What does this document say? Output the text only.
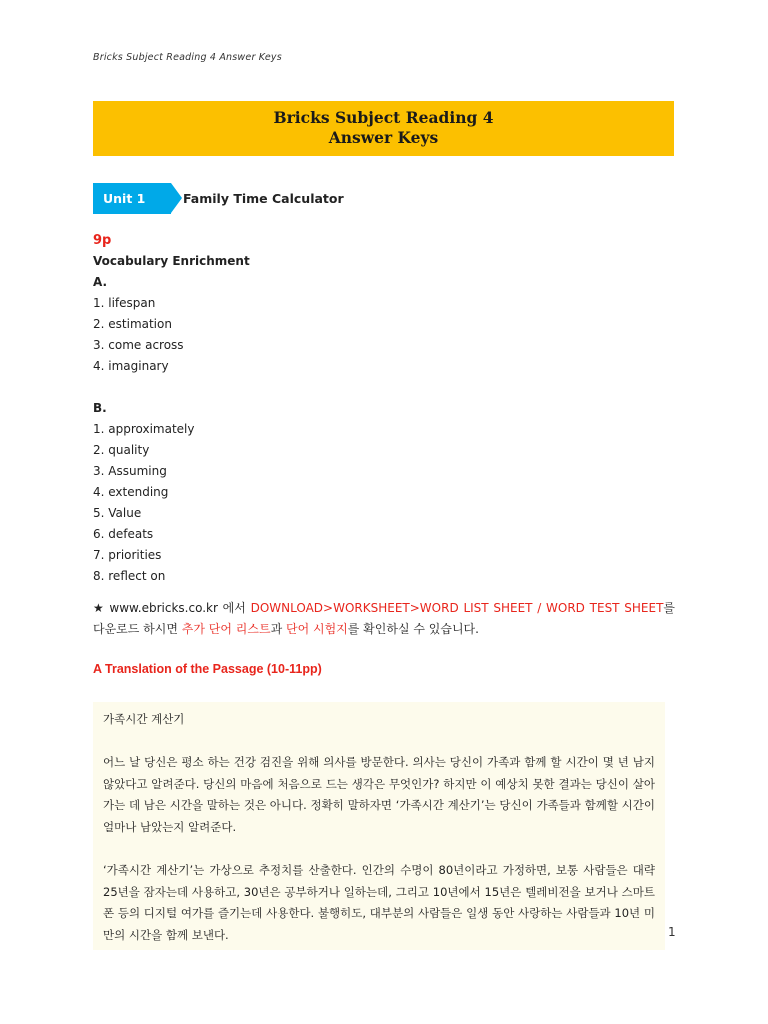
Bricks Subject Reading 4 Answer Keys
Bricks Subject Reading 4
Answer Keys
Unit 1	Family Time Calculator
9p
Vocabulary Enrichment
A.
1. lifespan
2. estimation
3. come across
4. imaginary
B.
1. approximately
2. quality
3. Assuming
4. extending
5. Value
6. defeats
7. priorities
8. reflect on
★ www.ebricks.co.kr 에서 DOWNLOAD>WORKSHEET>WORD LIST SHEET / WORD TEST SHEET를 다운로드 하시면 추가 단어 리스트과 단어 시험지를 확인하실 수 있습니다.
A Translation of the Passage (10-11pp)

가족시간 계산기

어느 날 당신은 평소 하는 건강 검진을 위해 의사를 방문한다. 의사는 당신이 가족과 함께 할 시간이 몇 년 남지 않았다고 알려준다. 당신의 마음에 처음으로 드는 생각은 무엇인가? 하지만 이 예상치 못한 결과는 당신이 살아가는 데 남은 시간을 말하는 것은 아니다. 정확히 말하자면 ‘가족시간 계산기’는 당신이 가족들과 함께할 시간이 얼마나 남았는지 알려준다.

‘가족시간 계산기’는 가상으로 추정치를 산출한다. 인간의 수명이 80년이라고 가정하면, 보통 사람들은 대략 25년을 잠자는데 사용하고, 30년은 공부하거나 일하는데, 그리고 10년에서 15년은 텔레비전을 보거나 스마트폰 등의 디지털 여가를 즐기는데 사용한다. 불행히도, 대부분의 사람들은 일생 동안 사랑하는 사람들과 10년 미만의 시간을 함께 보낸다.	1
